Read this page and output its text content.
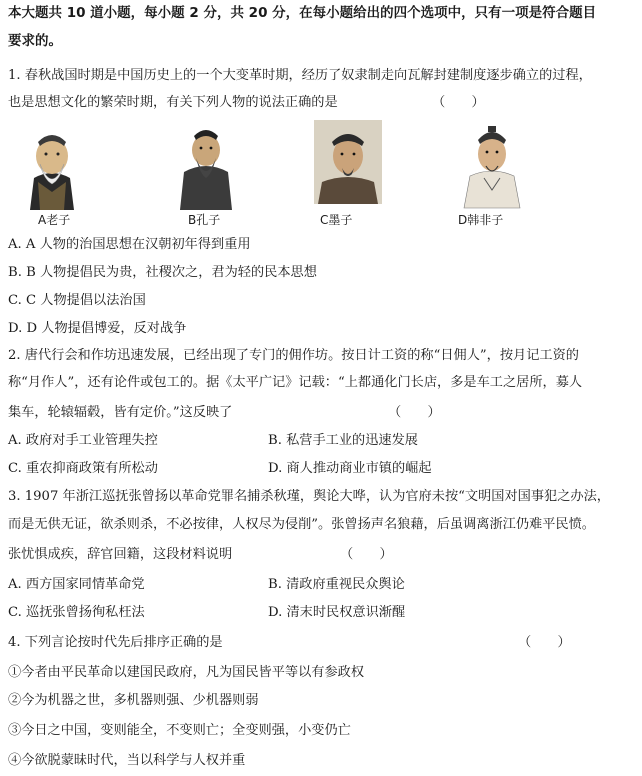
本大题共 10 道小题，每小题 2 分，共 20 分，在每小题给出的四个选项中，只有一项是符合题目
要求的。
1. 春秋战国时期是中国历史上的一个大变革时期，经历了奴隶制走向瓦解封建制度逐步确立的过程，
也是思想文化的繁荣时期，有关下列人物的说法正确的是	（　　）
A老子	B孔子	C墨子	D韩非子
A. A 人物的治国思想在汉朝初年得到重用
B. B 人物提倡民为贵，社稷次之，君为轻的民本思想
C. C 人物提倡以法治国
D. D 人物提倡博爱，反对战争
2. 唐代行会和作坊迅速发展，已经出现了专门的佣作坊。按日计工资的称“日佣人”，按月记工资的
称“月作人”，还有论件或包工的。据《太平广记》记载：“上都通化门长店，多是车工之居所，募人
集车，轮辕辐毂，皆有定价。”这反映了	（　　）
A. 政府对手工业管理失控	B. 私营手工业的迅速发展
C. 重农抑商政策有所松动	D. 商人推动商业市镇的崛起
3. 1907 年浙江巡抚张曾扬以革命党罪名捕杀秋瑾，舆论大哗，认为官府未按“文明国对国事犯之办法，
而是无供无证，欲杀则杀，不必按律，人权尽为侵削”。张曾扬声名狼藉，后虽调离浙江仍难平民愤。
张忧惧成疾，辞官回籍，这段材料说明	（　　）
A. 西方国家同情革命党	B. 清政府重视民众舆论
C. 巡抚张曾扬徇私枉法	D. 清末时民权意识渐醒
4. 下列言论按时代先后排序正确的是	（　　）
①今者由平民革命以建国民政府，凡为国民皆平等以有参政权
②今为机器之世，多机器则强、少机器则弱
③今日之中国，变则能全，不变则亡；全变则强，小变仍亡
④今欲脱蒙昧时代，当以科学与人权并重
